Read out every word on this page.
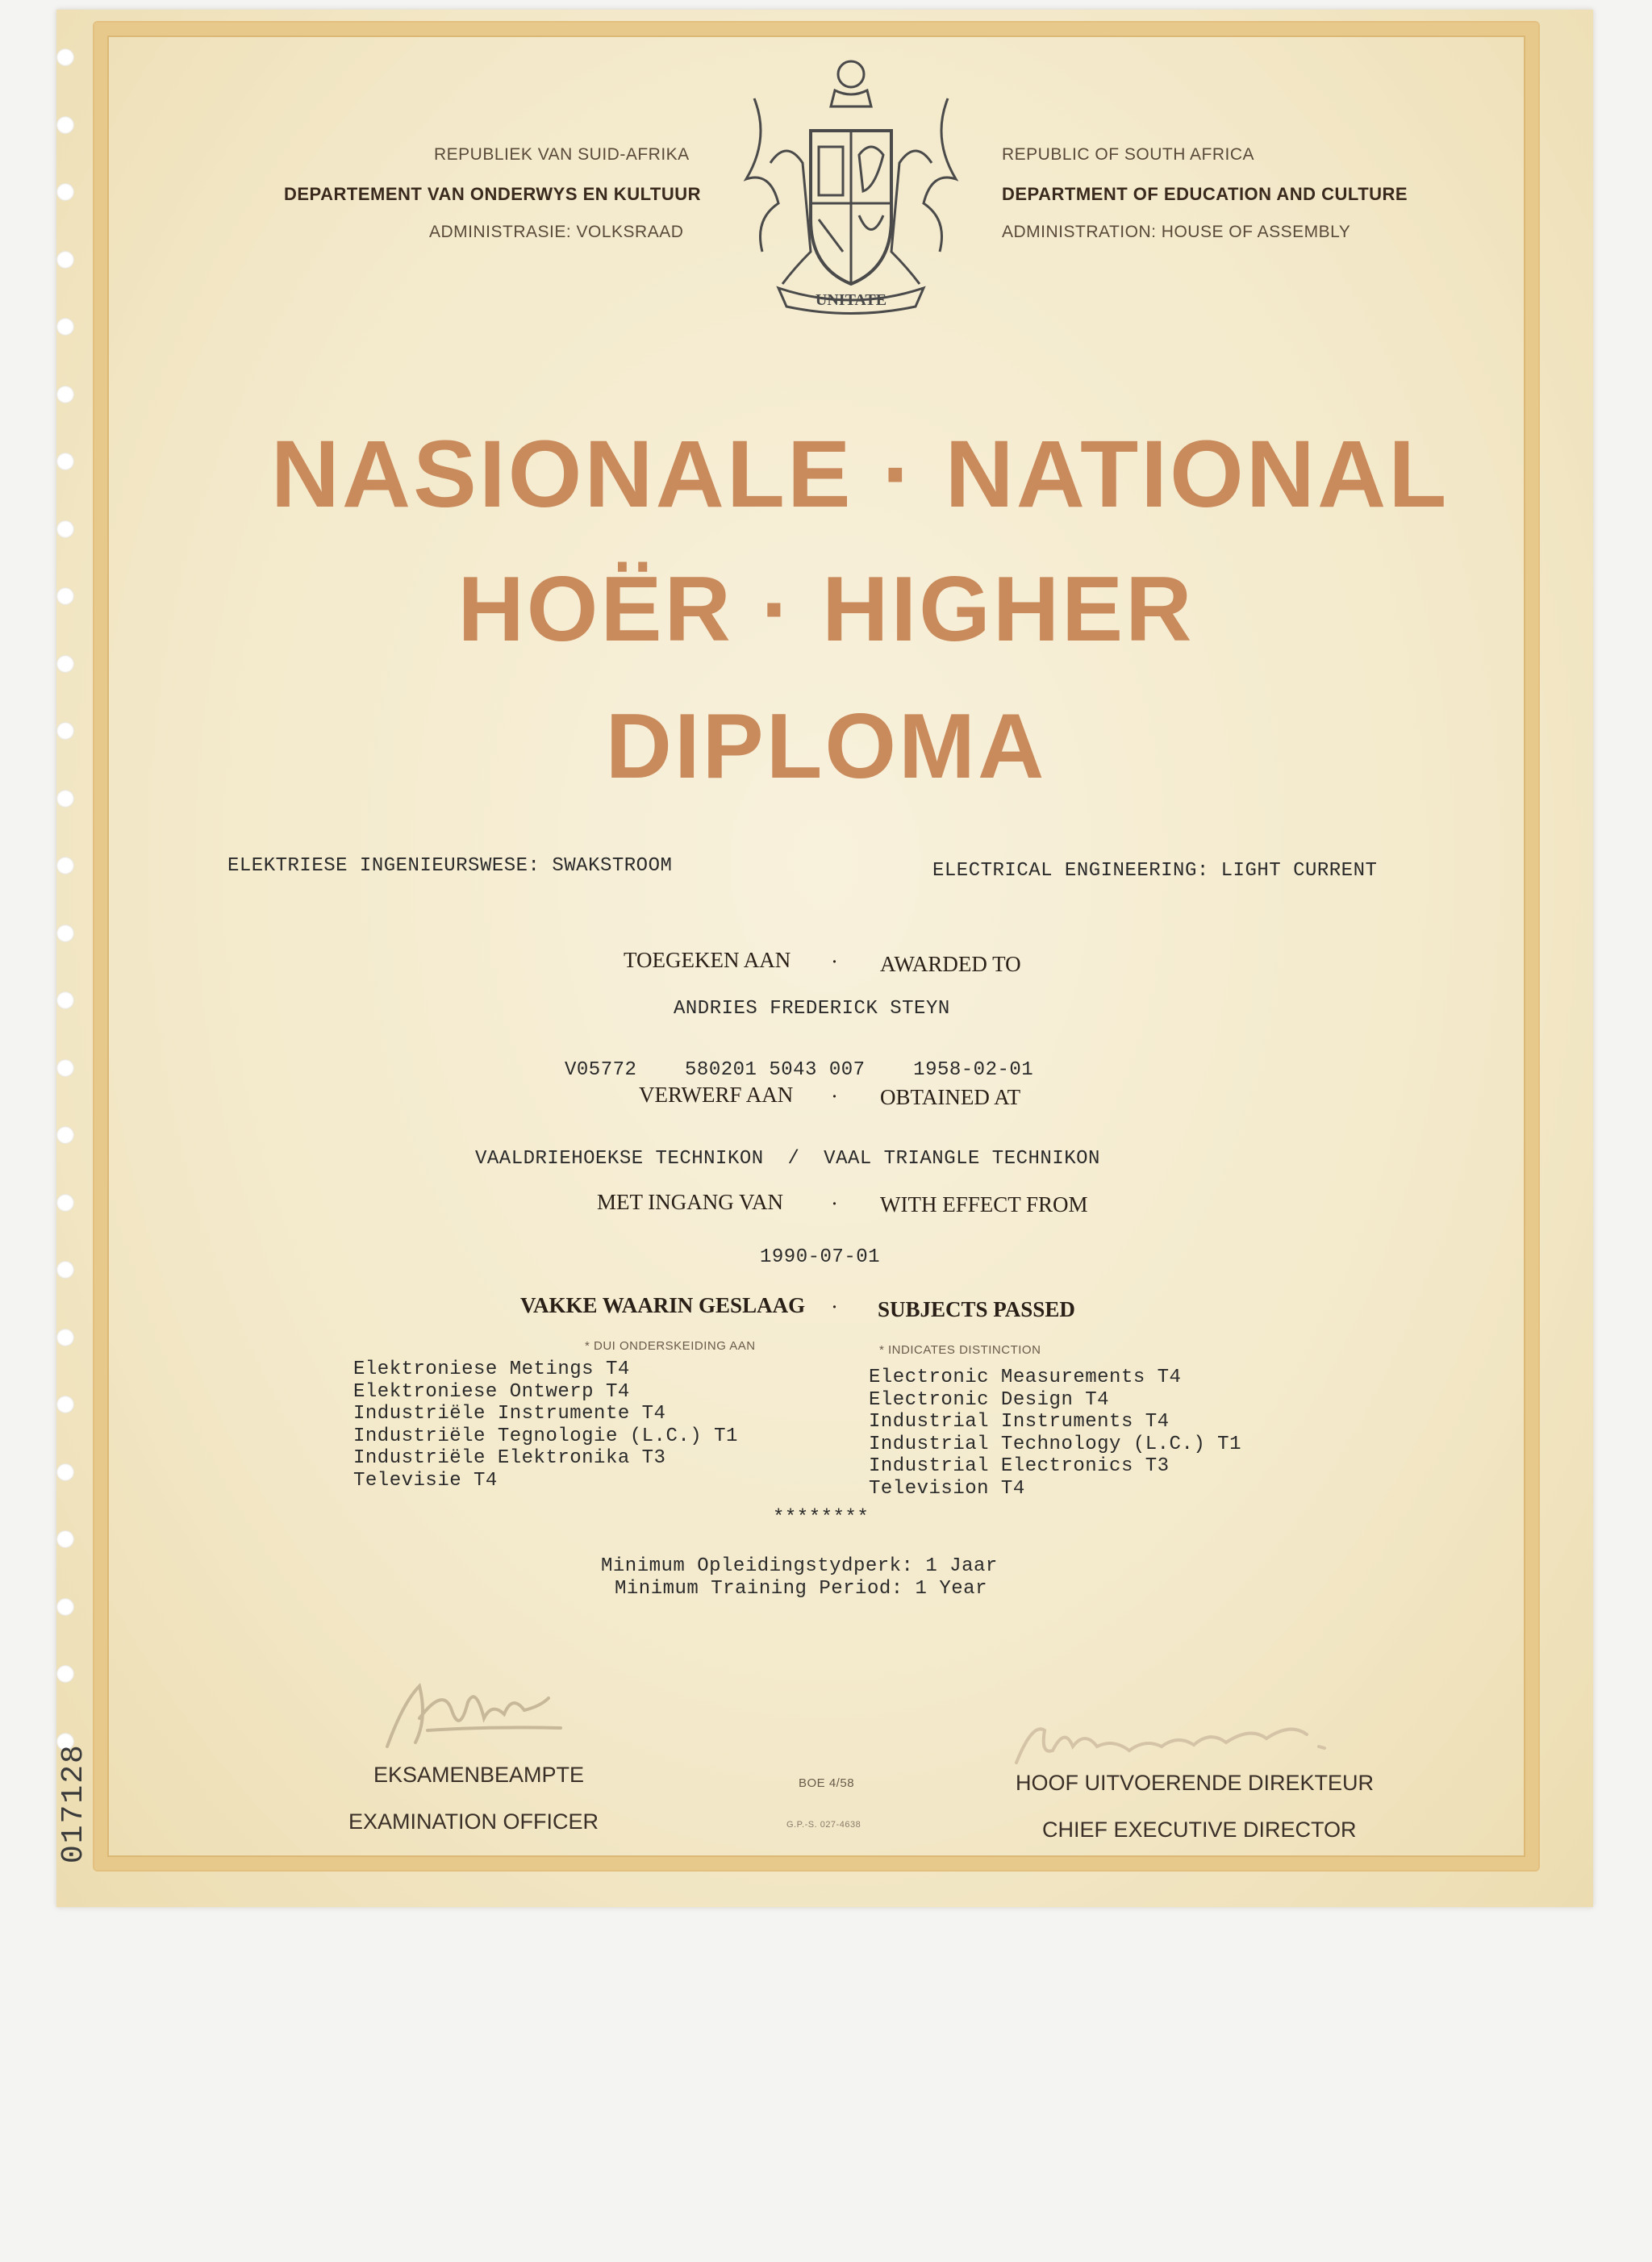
REPUBLIEK VAN SUID-AFRIKA
DEPARTEMENT VAN ONDERWYS EN KULTUUR
ADMINISTRASIE: VOLKSRAAD
UNITATE
REPUBLIC OF SOUTH AFRICA
DEPARTMENT OF EDUCATION AND CULTURE
ADMINISTRATION: HOUSE OF ASSEMBLY
NASIONALE · NATIONAL
HOËR · HIGHER
DIPLOMA
ELEKTRIESE INGENIEURSWESE: SWAKSTROOM	ELECTRICAL ENGINEERING: LIGHT CURRENT
TOEGEKEN AAN · AWARDED TO
ANDRIES FREDERICK STEYN
V05772    580201 5043 007    1958-02-01
VERWERF AAN · OBTAINED AT
VAALDRIEHOEKSE TECHNIKON  /  VAAL TRIANGLE TECHNIKON
MET INGANG VAN · WITH EFFECT FROM
1990-07-01
VAKKE WAARIN GESLAAG · SUBJECTS PASSED
* DUI ONDERSKEIDING AAN	* INDICATES DISTINCTION
Elektroniese Metings T4
Elektroniese Ontwerp T4
Industriële Instrumente T4
Industriële Tegnologie (L.C.) T1
Industriële Elektronika T3
Televisie T4
Electronic Measurements T4
Electronic Design T4
Industrial Instruments T4
Industrial Technology (L.C.) T1
Industrial Electronics T3
Television T4
********
Minimum Opleidingstydperk: 1 Jaar
Minimum Training Period: 1 Year
EKSAMENBEAMPTE
EXAMINATION OFFICER
BOE 4/58
G.P.-S. 027-4638
HOOF UITVOERENDE DIREKTEUR
CHIEF EXECUTIVE DIRECTOR
